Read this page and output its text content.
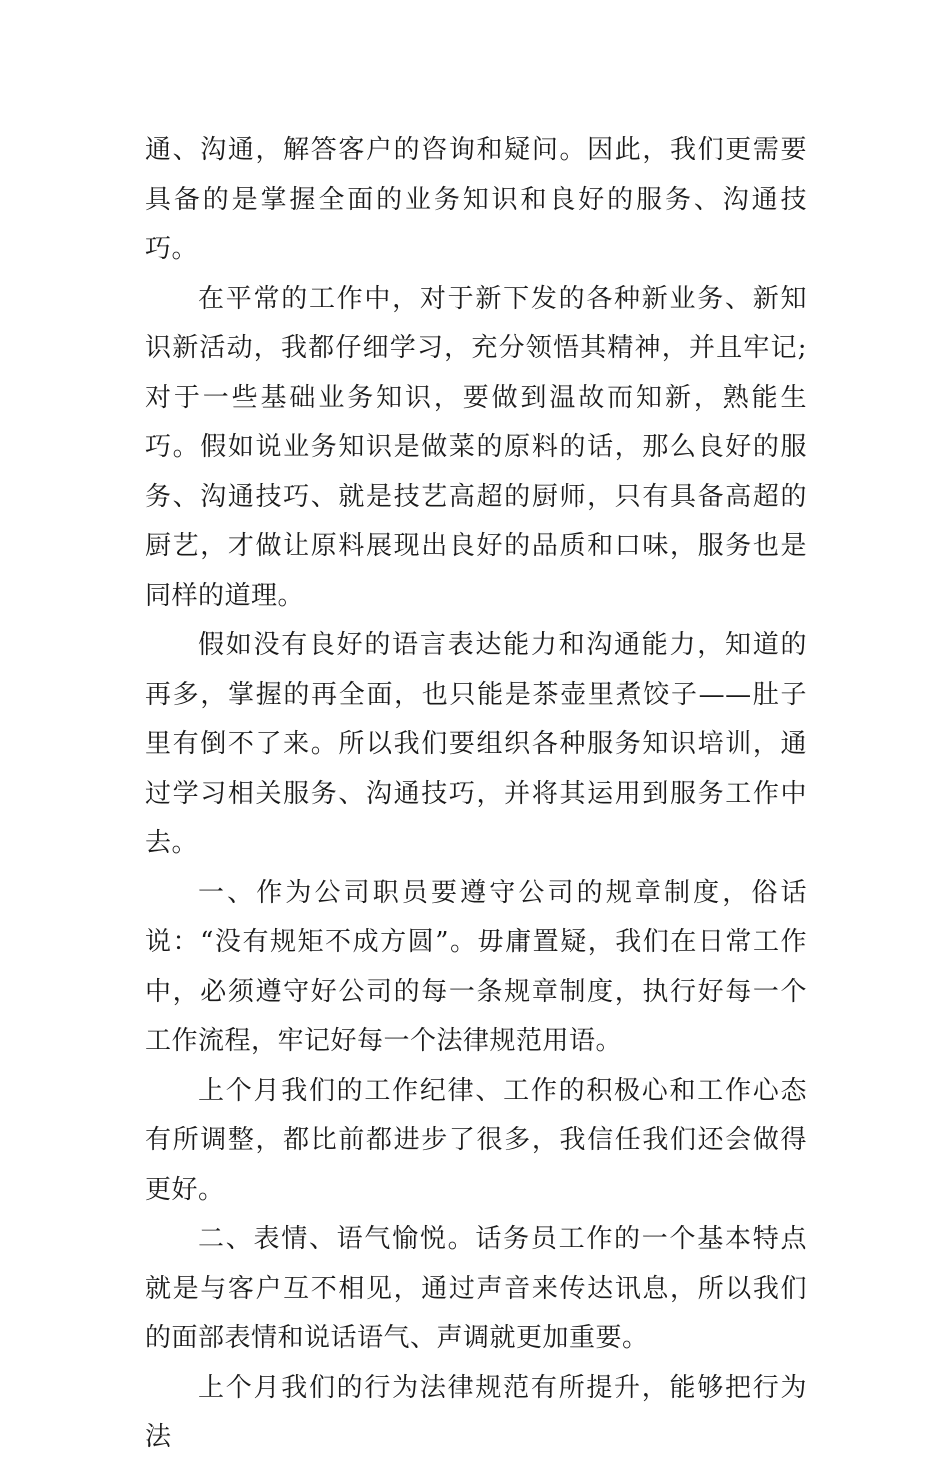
通、沟通，解答客户的咨询和疑问。因此，我们更需要具备的是掌握全面的业务知识和良好的服务、沟通技巧。

在平常的工作中，对于新下发的各种新业务、新知识新活动，我都仔细学习，充分领悟其精神，并且牢记;对于一些基础业务知识，要做到温故而知新，熟能生巧。假如说业务知识是做菜的原料的话，那么良好的服务、沟通技巧、就是技艺高超的厨师，只有具备高超的厨艺，才做让原料展现出良好的品质和口味，服务也是同样的道理。

假如没有良好的语言表达能力和沟通能力，知道的再多，掌握的再全面，也只能是茶壶里煮饺子——肚子里有倒不了来。所以我们要组织各种服务知识培训，通过学习相关服务、沟通技巧，并将其运用到服务工作中去。

一、作为公司职员要遵守公司的规章制度，俗话说：“没有规矩不成方圆”。毋庸置疑，我们在日常工作中，必须遵守好公司的每一条规章制度，执行好每一个工作流程，牢记好每一个法律规范用语。

上个月我们的工作纪律、工作的积极心和工作心态有所调整，都比前都进步了很多，我信任我们还会做得更好。

二、表情、语气愉悦。话务员工作的一个基本特点就是与客户互不相见，通过声音来传达讯息，所以我们的面部表情和说话语气、声调就更加重要。

上个月我们的行为法律规范有所提升，能够把行为法
